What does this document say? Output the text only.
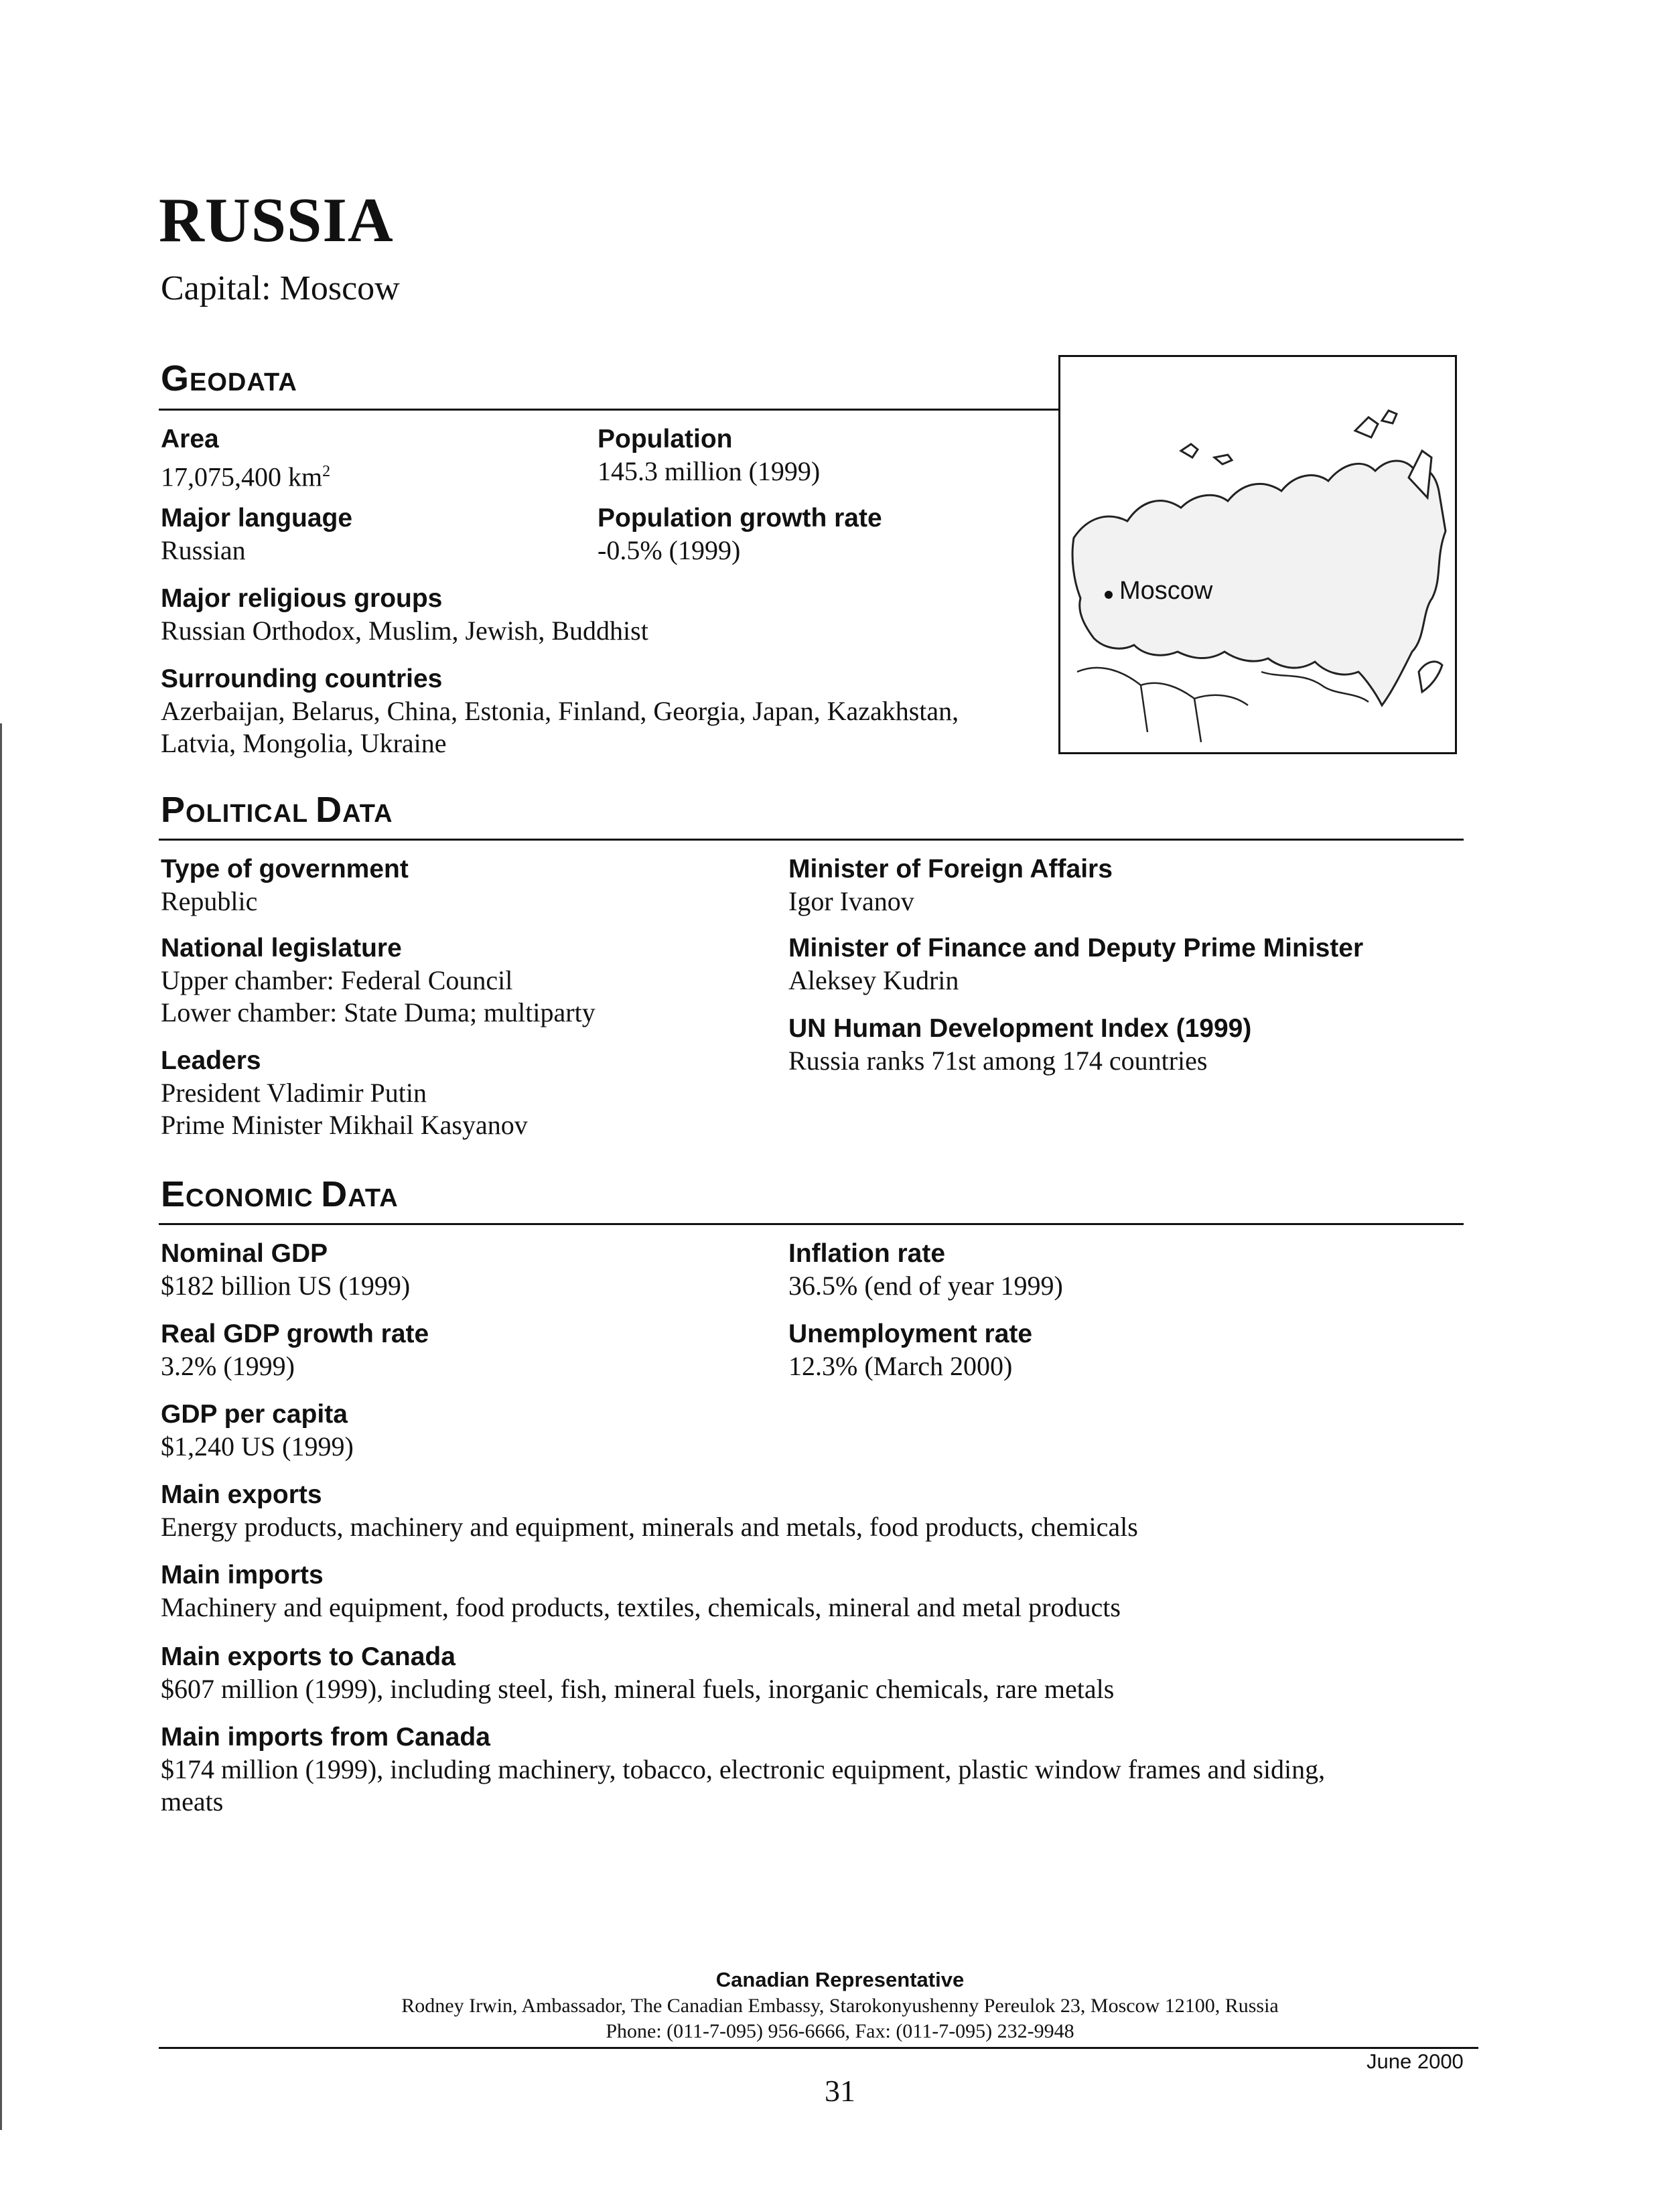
RUSSIA
Capital: Moscow
GEODATA
Area
17,075,400 $km^2$
Population
145.3 million (1999)
Major language
Russian
Population growth rate
-0.5% (1999)
Major religious groups
Russian Orthodox, Muslim, Jewish, Buddhist
Surrounding countries
Azerbaijan, Belarus, China, Estonia, Finland, Georgia, Japan, Kazakhstan,
Latvia, Mongolia, Ukraine
Moscow
POLITICAL DATA
Type of government
Republic
National legislature
Upper chamber: Federal Council
Lower chamber: State Duma; multiparty
Leaders
President Vladimir Putin
Prime Minister Mikhail Kasyanov
Minister of Foreign Affairs
Igor Ivanov
Minister of Finance and Deputy Prime Minister
Aleksey Kudrin
UN Human Development Index (1999)
Russia ranks 71st among 174 countries
ECONOMIC DATA
Nominal GDP
$182 billion US (1999)
Real GDP growth rate
3.2% (1999)
GDP per capita
$1,240 US (1999)
Inflation rate
36.5% (end of year 1999)
Unemployment rate
12.3% (March 2000)
Main exports
Energy products, machinery and equipment, minerals and metals, food products, chemicals
Main imports
Machinery and equipment, food products, textiles, chemicals, mineral and metal products
Main exports to Canada
$607 million (1999), including steel, fish, mineral fuels, inorganic chemicals, rare metals
Main imports from Canada
$174 million (1999), including machinery, tobacco, electronic equipment, plastic window frames and siding,
meats
Canadian Representative
Rodney Irwin, Ambassador, The Canadian Embassy, Starokonyushenny Pereulok 23, Moscow 12100, Russia
Phone: (011-7-095) 956-6666, Fax: (011-7-095) 232-9948
June 2000
31
